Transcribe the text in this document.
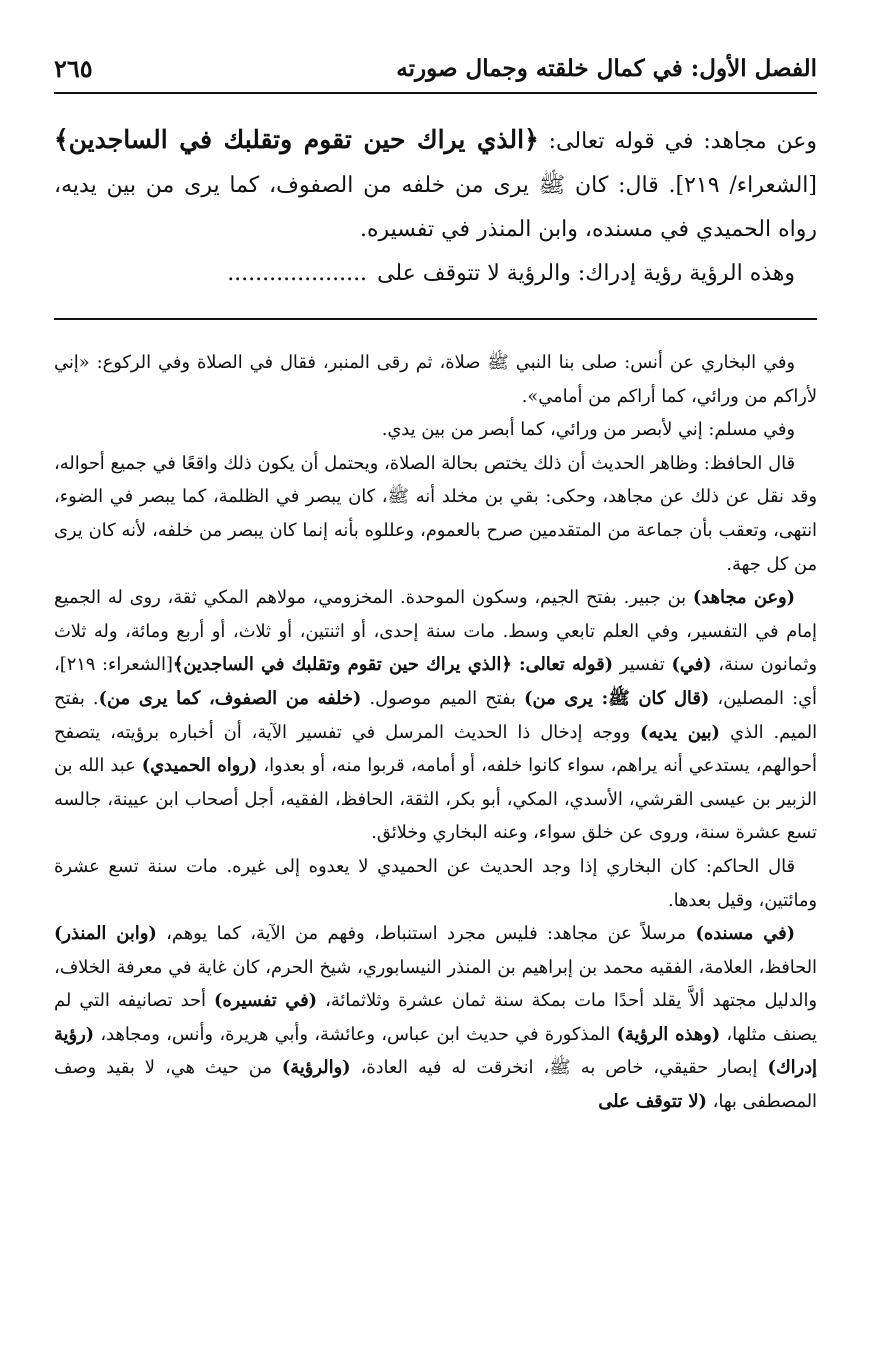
الفصل الأول: في كمال خلقته وجمال صورته
٢٦٥

وعن مجاهد: في قوله تعالى: ﴿الذي يراك حين تقوم وتقلبك في الساجدين﴾ [الشعراء/ ٢١٩]. قال: كان ﷺ يرى من خلفه من الصفوف، كما يرى من بين يديه، رواه الحميدي في مسنده، وابن المنذر في تفسيره.

وهذه الرؤية رؤية إدراك: والرؤية لا تتوقف على....................

وفي البخاري عن أنس: صلى بنا النبي ﷺ صلاة، ثم رقى المنبر، فقال في الصلاة وفي الركوع: «إني لأراكم من ورائي، كما أراكم من أمامي».

وفي مسلم: إني لأبصر من ورائي، كما أبصر من بين يدي.

قال الحافظ: وظاهر الحديث أن ذلك يختص بحالة الصلاة، ويحتمل أن يكون ذلك واقعًا في جميع أحواله، وقد نقل عن ذلك عن مجاهد، وحكى: بقي بن مخلد أنه ﷺ، كان يبصر في الظلمة، كما يبصر في الضوء، انتهى، وتعقب بأن جماعة من المتقدمين صرح بالعموم، وعللوه بأنه إنما كان يبصر من خلفه، لأنه كان يرى من كل جهة.

(وعن مجاهد) بن جبير. بفتح الجيم، وسكون الموحدة. المخزومي، مولاهم المكي ثقة، روى له الجميع إمام في التفسير، وفي العلم تابعي وسط. مات سنة إحدى، أو اثنتين، أو ثلاث، أو أربع ومائة، وله ثلاث وثمانون سنة، (في) تفسير (قوله تعالى: ﴿الذي يراك حين تقوم وتقلبك في الساجدين﴾[الشعراء: ٢١٩]، أي: المصلين، (قال كان ﷺ: يرى من) بفتح الميم موصول. (خلفه من الصفوف، كما يرى من). بفتح الميم. الذي (بين يديه) ووجه إدخال ذا الحديث المرسل في تفسير الآية، أن أخباره برؤيته، يتصفح أحوالهم، يستدعي أنه يراهم، سواء كانوا خلفه، أو أمامه، قربوا منه، أو بعدوا، (رواه الحميدي) عبد الله بن الزبير بن عيسى القرشي، الأسدي، المكي، أبو بكر، الثقة، الحافظ، الفقيه، أجل أصحاب ابن عيينة، جالسه تسع عشرة سنة، وروى عن خلق سواء، وعنه البخاري وخلائق.

قال الحاكم: كان البخاري إذا وجد الحديث عن الحميدي لا يعدوه إلى غيره. مات سنة تسع عشرة ومائتين، وقيل بعدها.

(في مسنده) مرسلاً عن مجاهد: فليس مجرد استنباط، وفهم من الآية، كما يوهم، (وابن المنذر) الحافظ، العلامة، الفقيه محمد بن إبراهيم بن المنذر النيسابوري، شيخ الحرم، كان غاية في معرفة الخلاف، والدليل مجتهد ألاَّ يقلد أحدًا مات بمكة سنة ثمان عشرة وثلاثمائة، (في تفسيره) أحد تصانيفه التي لم يصنف مثلها، (وهذه الرؤية) المذكورة في حديث ابن عباس، وعائشة، وأبي هريرة، وأنس، ومجاهد، (رؤية إدراك) إبصار حقيقي، خاص به ﷺ، انخرقت له فيه العادة، (والرؤية) من حيث هي، لا بقيد وصف المصطفى بها، (لا تتوقف على
